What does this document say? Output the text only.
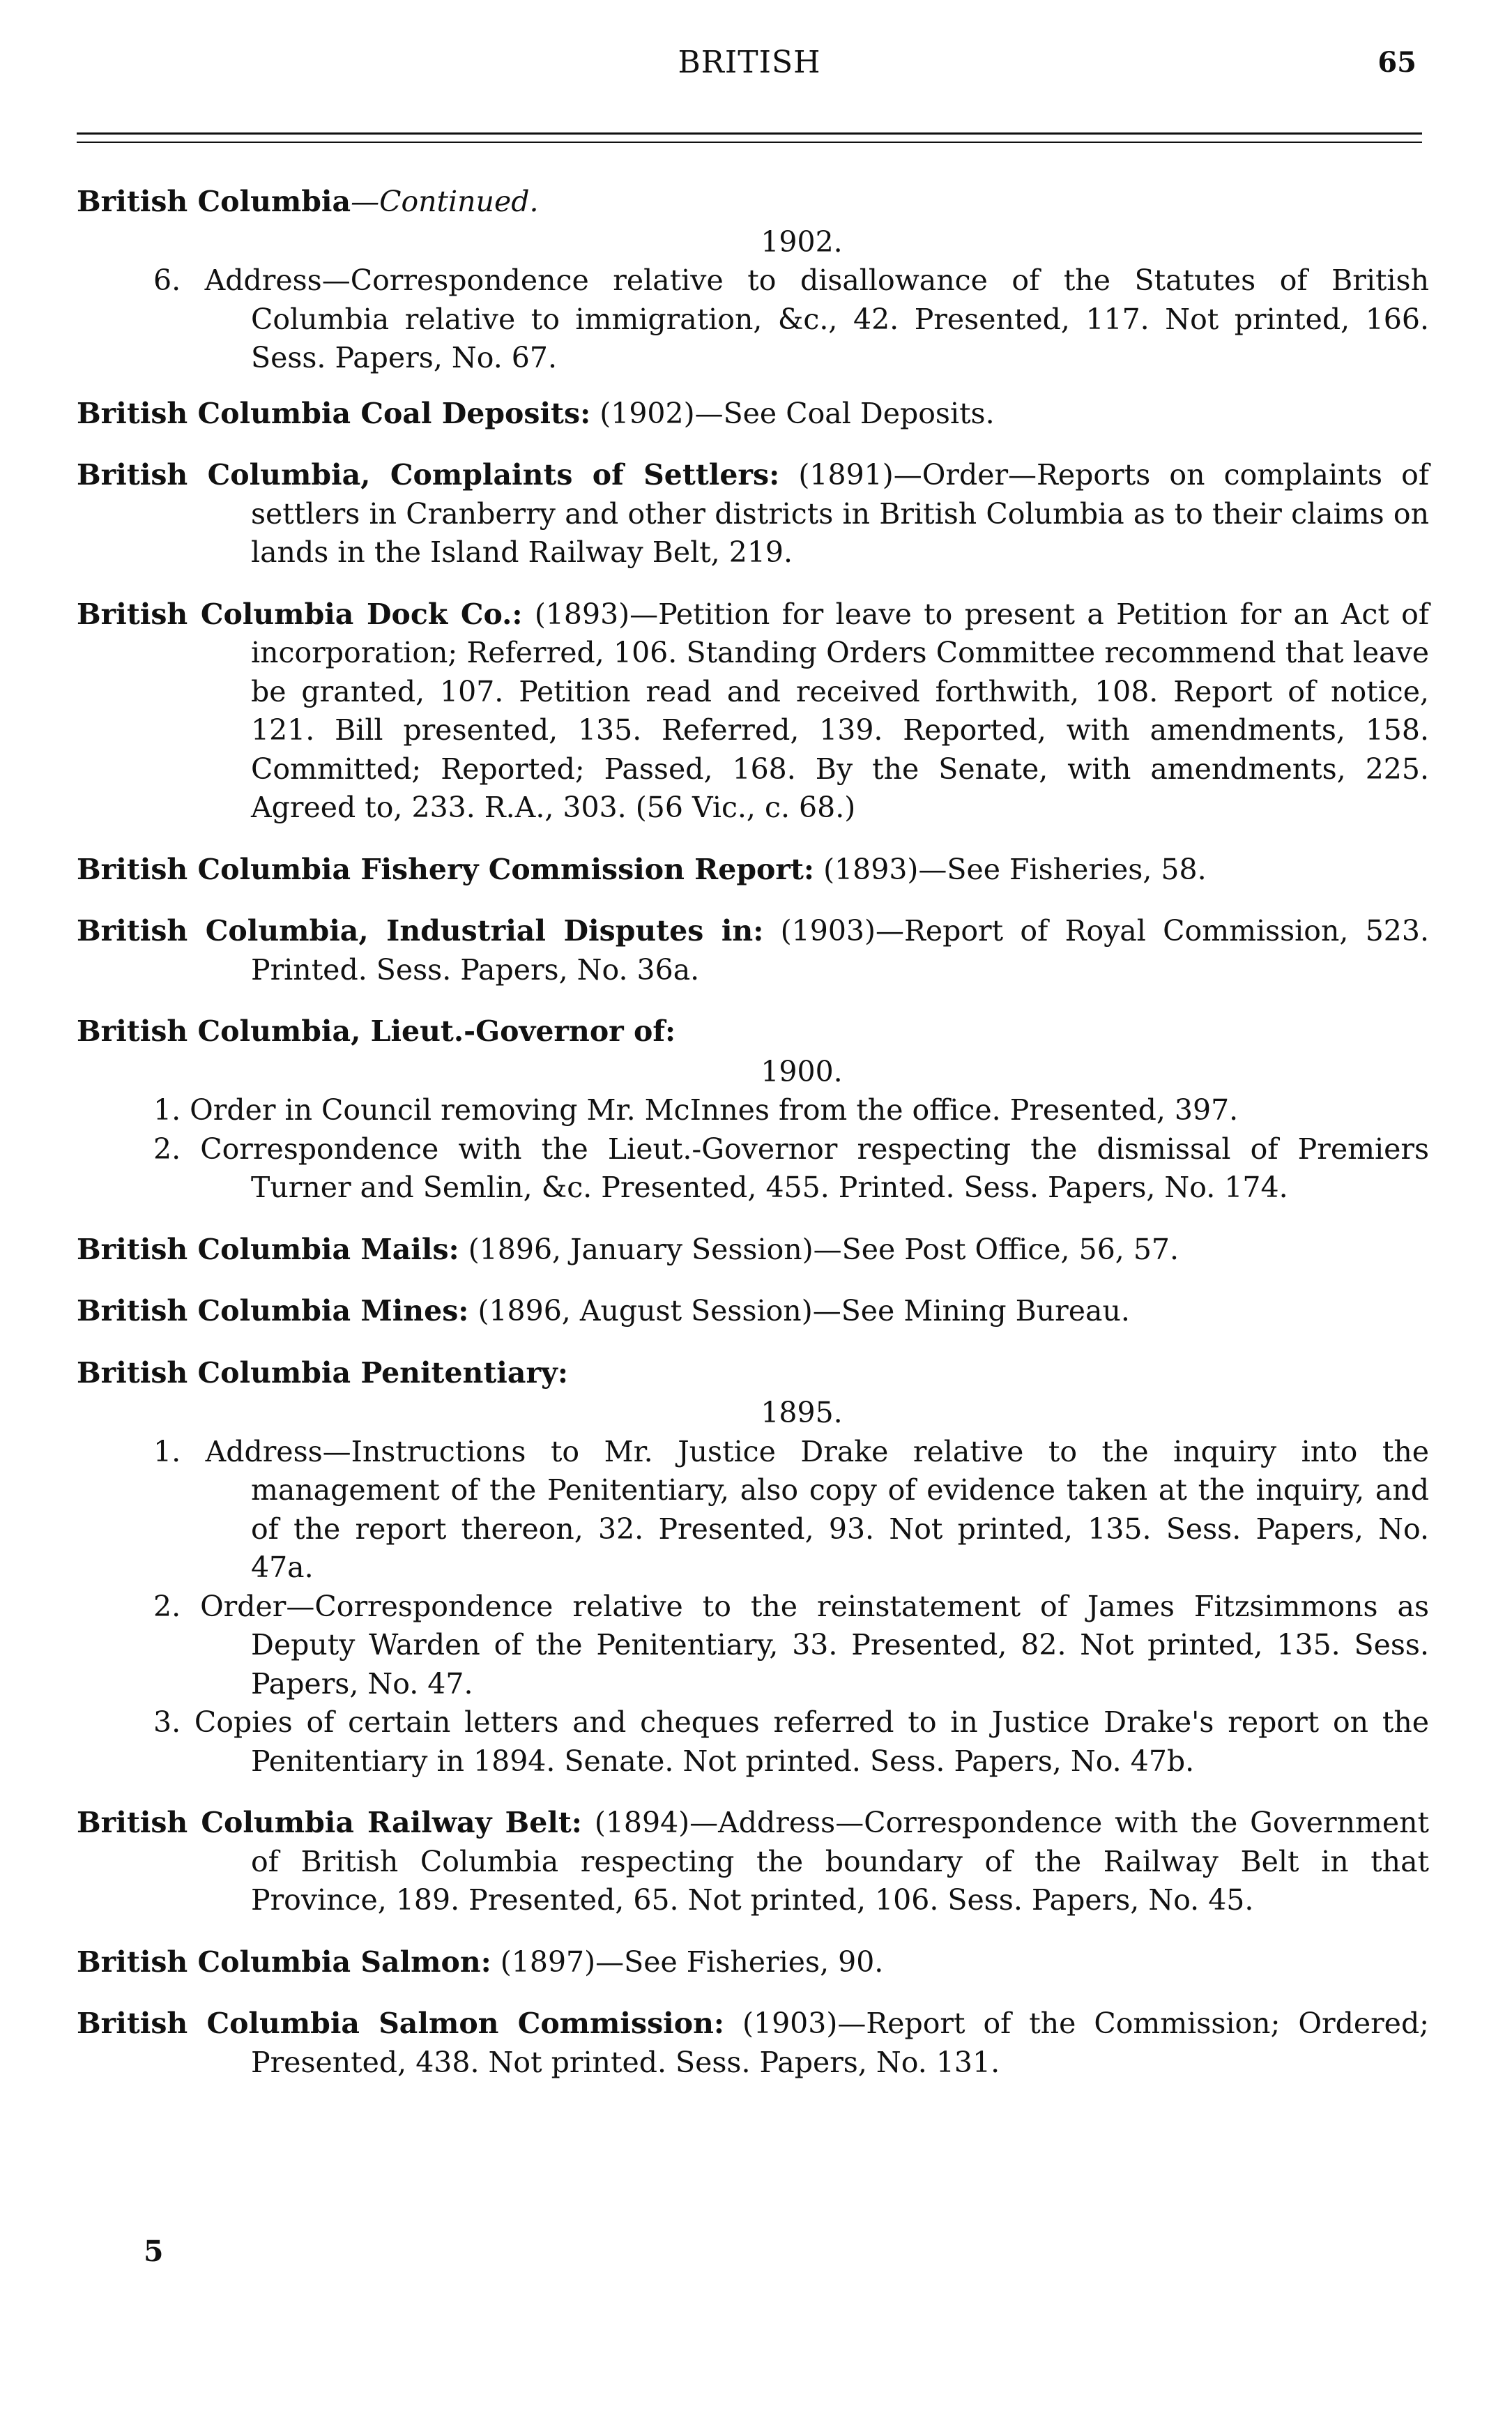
BRITISH	65
British Columbia—Continued.
1902.
6. Address—Correspondence relative to disallowance of the Statutes of British Columbia relative to immigration, &c., 42. Presented, 117. Not printed, 166. Sess. Papers, No. 67.
British Columbia Coal Deposits: (1902)—See Coal Deposits.
British Columbia, Complaints of Settlers: (1891)—Order—Reports on complaints of settlers in Cranberry and other districts in British Columbia as to their claims on lands in the Island Railway Belt, 219.
British Columbia Dock Co.: (1893)—Petition for leave to present a Petition for an Act of incorporation; Referred, 106. Standing Orders Committee recommend that leave be granted, 107. Petition read and received forthwith, 108. Report of notice, 121. Bill presented, 135. Referred, 139. Reported, with amendments, 158. Committed; Reported; Passed, 168. By the Senate, with amendments, 225. Agreed to, 233. R.A., 303. (56 Vic., c. 68.)
British Columbia Fishery Commission Report: (1893)—See Fisheries, 58.
British Columbia, Industrial Disputes in: (1903)—Report of Royal Commission, 523. Printed. Sess. Papers, No. 36a.
British Columbia, Lieut.-Governor of:
1900.
1. Order in Council removing Mr. McInnes from the office. Presented, 397.
2. Correspondence with the Lieut.-Governor respecting the dismissal of Premiers Turner and Semlin, &c. Presented, 455. Printed. Sess. Papers, No. 174.
British Columbia Mails: (1896, January Session)—See Post Office, 56, 57.
British Columbia Mines: (1896, August Session)—See Mining Bureau.
British Columbia Penitentiary:
1895.
1. Address—Instructions to Mr. Justice Drake relative to the inquiry into the management of the Penitentiary, also copy of evidence taken at the inquiry, and of the report thereon, 32. Presented, 93. Not printed, 135. Sess. Papers, No. 47a.
2. Order—Correspondence relative to the reinstatement of James Fitzsimmons as Deputy Warden of the Penitentiary, 33. Presented, 82. Not printed, 135. Sess. Papers, No. 47.
3. Copies of certain letters and cheques referred to in Justice Drake's report on the Penitentiary in 1894. Senate. Not printed. Sess. Papers, No. 47b.
British Columbia Railway Belt: (1894)—Address—Correspondence with the Government of British Columbia respecting the boundary of the Railway Belt in that Province, 189. Presented, 65. Not printed, 106. Sess. Papers, No. 45.
British Columbia Salmon: (1897)—See Fisheries, 90.
British Columbia Salmon Commission: (1903)—Report of the Commission; Ordered; Presented, 438. Not printed. Sess. Papers, No. 131.
5
